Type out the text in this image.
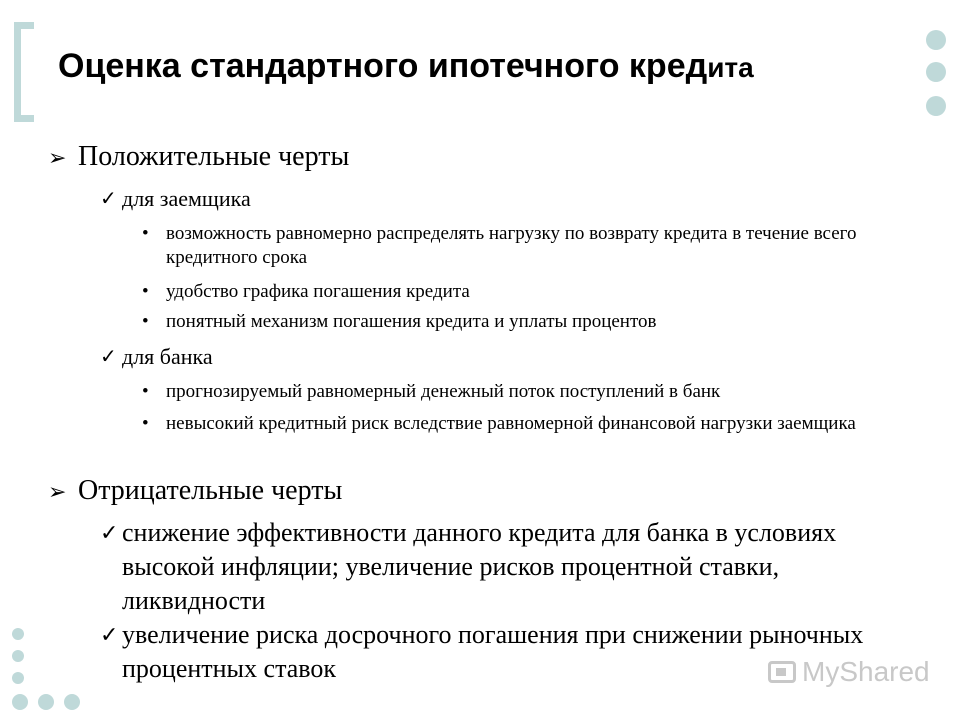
Оценка стандартного ипотечного кредита
➢ Положительные черты
✓ для заемщика
• возможность равномерно распределять нагрузку по возврату кредита в течение всего кредитного срока
• удобство графика погашения кредита
• понятный механизм погашения кредита и уплаты процентов
✓ для банка
• прогнозируемый равномерный денежный поток поступлений в банк
• невысокий кредитный риск вследствие равномерной финансовой нагрузки заемщика
➢ Отрицательные черты
✓ снижение эффективности данного кредита для банка в условиях высокой инфляции; увеличение рисков процентной ставки, ликвидности
✓ увеличение риска досрочного погашения при снижении рыночных процентных ставок	MyShared
